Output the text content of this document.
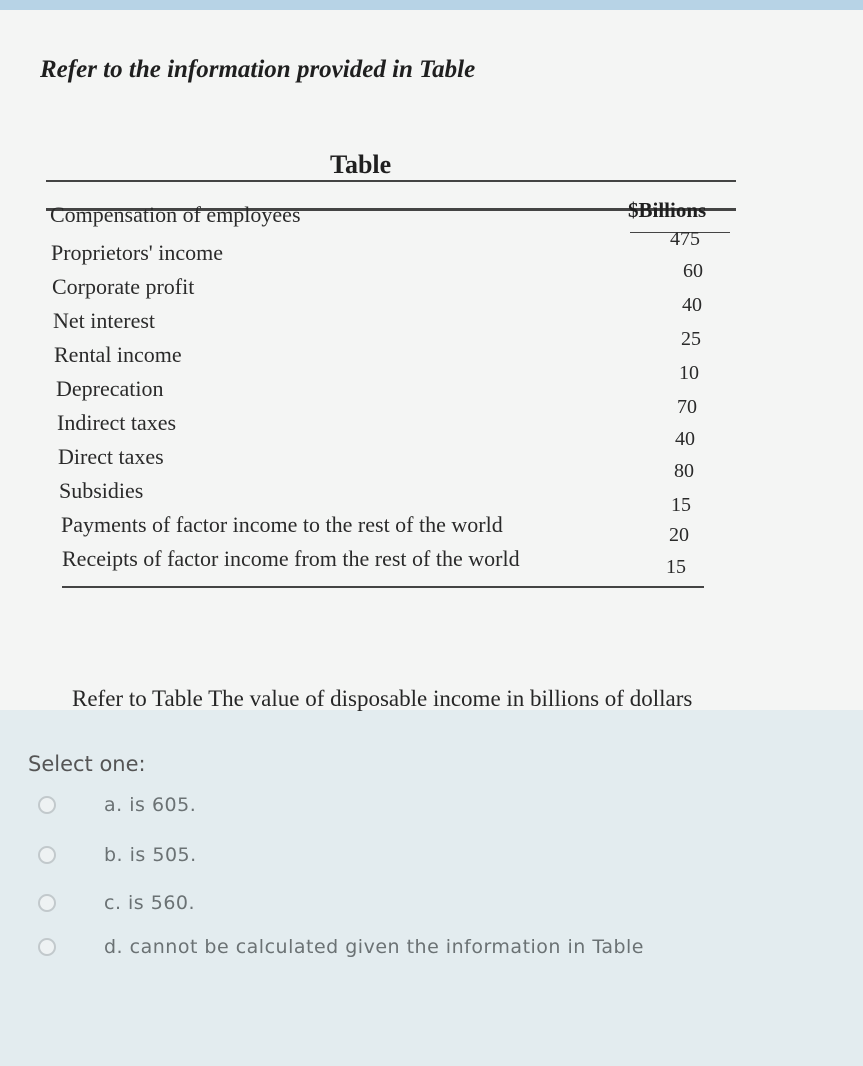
Refer to the information provided in Table

Table
$Billions
Compensation of employees
Proprietors' income
Corporate profit
Net interest
Rental income
Deprecation
Indirect taxes
Direct taxes
Subsidies
Payments of factor income to the rest of the world
Receipts of factor income from the rest of the world
475
60
40
25
10
70
40
80
15
20
15
Refer to Table The value of disposable income in billions of dollars
Select one:
a. is 605.
b. is 505.
c. is 560.
d. cannot be calculated given the information in Table
